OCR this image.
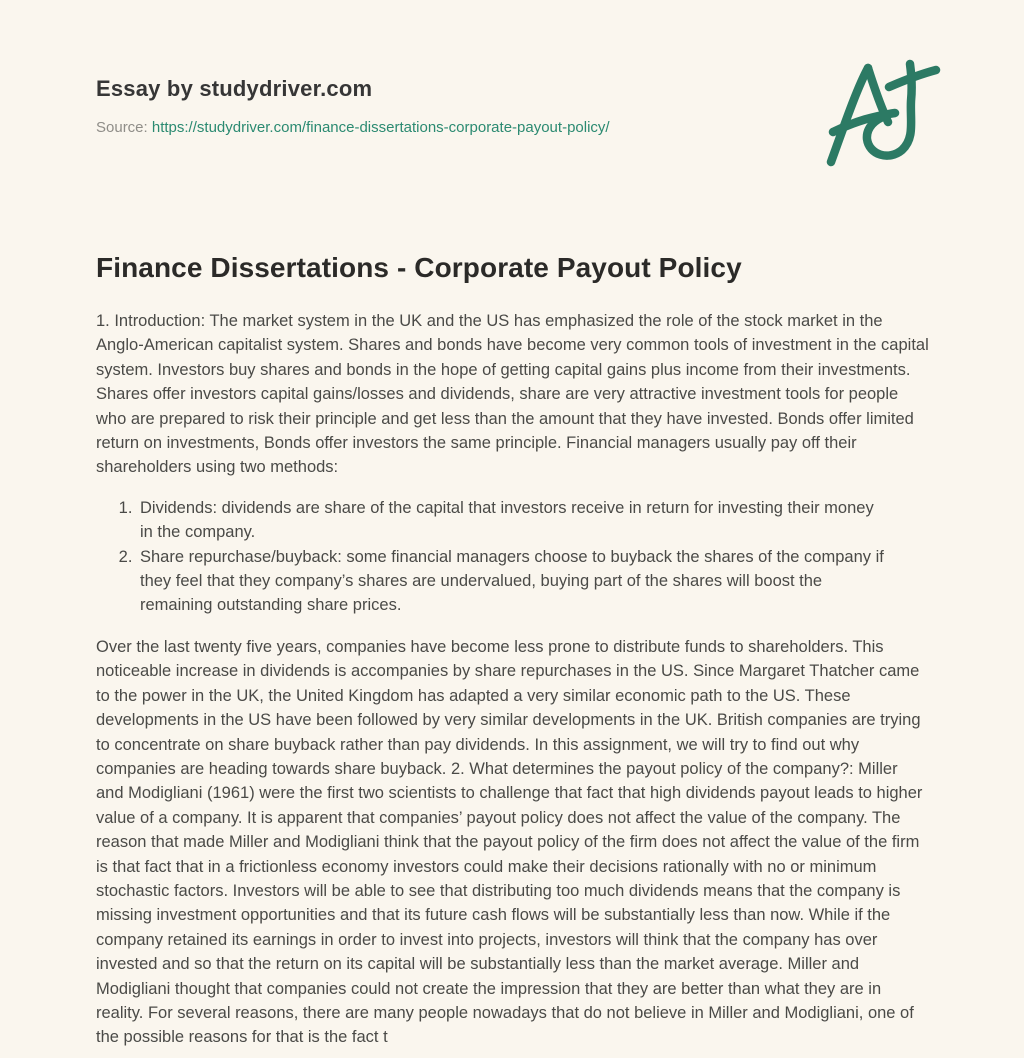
Essay by studydriver.com

Source: https://studydriver.com/finance-dissertations-corporate-payout-policy/

Finance Dissertations - Corporate Payout Policy

1. Introduction: The market system in the UK and the US has emphasized the role of the stock market in the Anglo-American capitalist system. Shares and bonds have become very common tools of investment in the capital system. Investors buy shares and bonds in the hope of getting capital gains plus income from their investments. Shares offer investors capital gains/losses and dividends, share are very attractive investment tools for people who are prepared to risk their principle and get less than the amount that they have invested. Bonds offer limited return on investments, Bonds offer investors the same principle. Financial managers usually pay off their shareholders using two methods:

1. Dividends: dividends are share of the capital that investors receive in return for investing their money in the company.
2. Share repurchase/buyback: some financial managers choose to buyback the shares of the company if they feel that they company’s shares are undervalued, buying part of the shares will boost the remaining outstanding share prices.

Over the last twenty five years, companies have become less prone to distribute funds to shareholders. This noticeable increase in dividends is accompanies by share repurchases in the US. Since Margaret Thatcher came to the power in the UK, the United Kingdom has adapted a very similar economic path to the US. These developments in the US have been followed by very similar developments in the UK. British companies are trying to concentrate on share buyback rather than pay dividends. In this assignment, we will try to find out why companies are heading towards share buyback. 2. What determines the payout policy of the company?: Miller and Modigliani (1961) were the first two scientists to challenge that fact that high dividends payout leads to higher value of a company. It is apparent that companies’ payout policy does not affect the value of the company. The reason that made Miller and Modigliani think that the payout policy of the firm does not affect the value of the firm is that fact that in a frictionless economy investors could make their decisions rationally with no or minimum stochastic factors. Investors will be able to see that distributing too much dividends means that the company is missing investment opportunities and that its future cash flows will be substantially less than now. While if the company retained its earnings in order to invest into projects, investors will think that the company has over invested and so that the return on its capital will be substantially less than the market average. Miller and Modigliani thought that companies could not create the impression that they are better than what they are in reality. For several reasons, there are many people nowadays that do not believe in Miller and Modigliani, one of the possible reasons for that is the fact t
